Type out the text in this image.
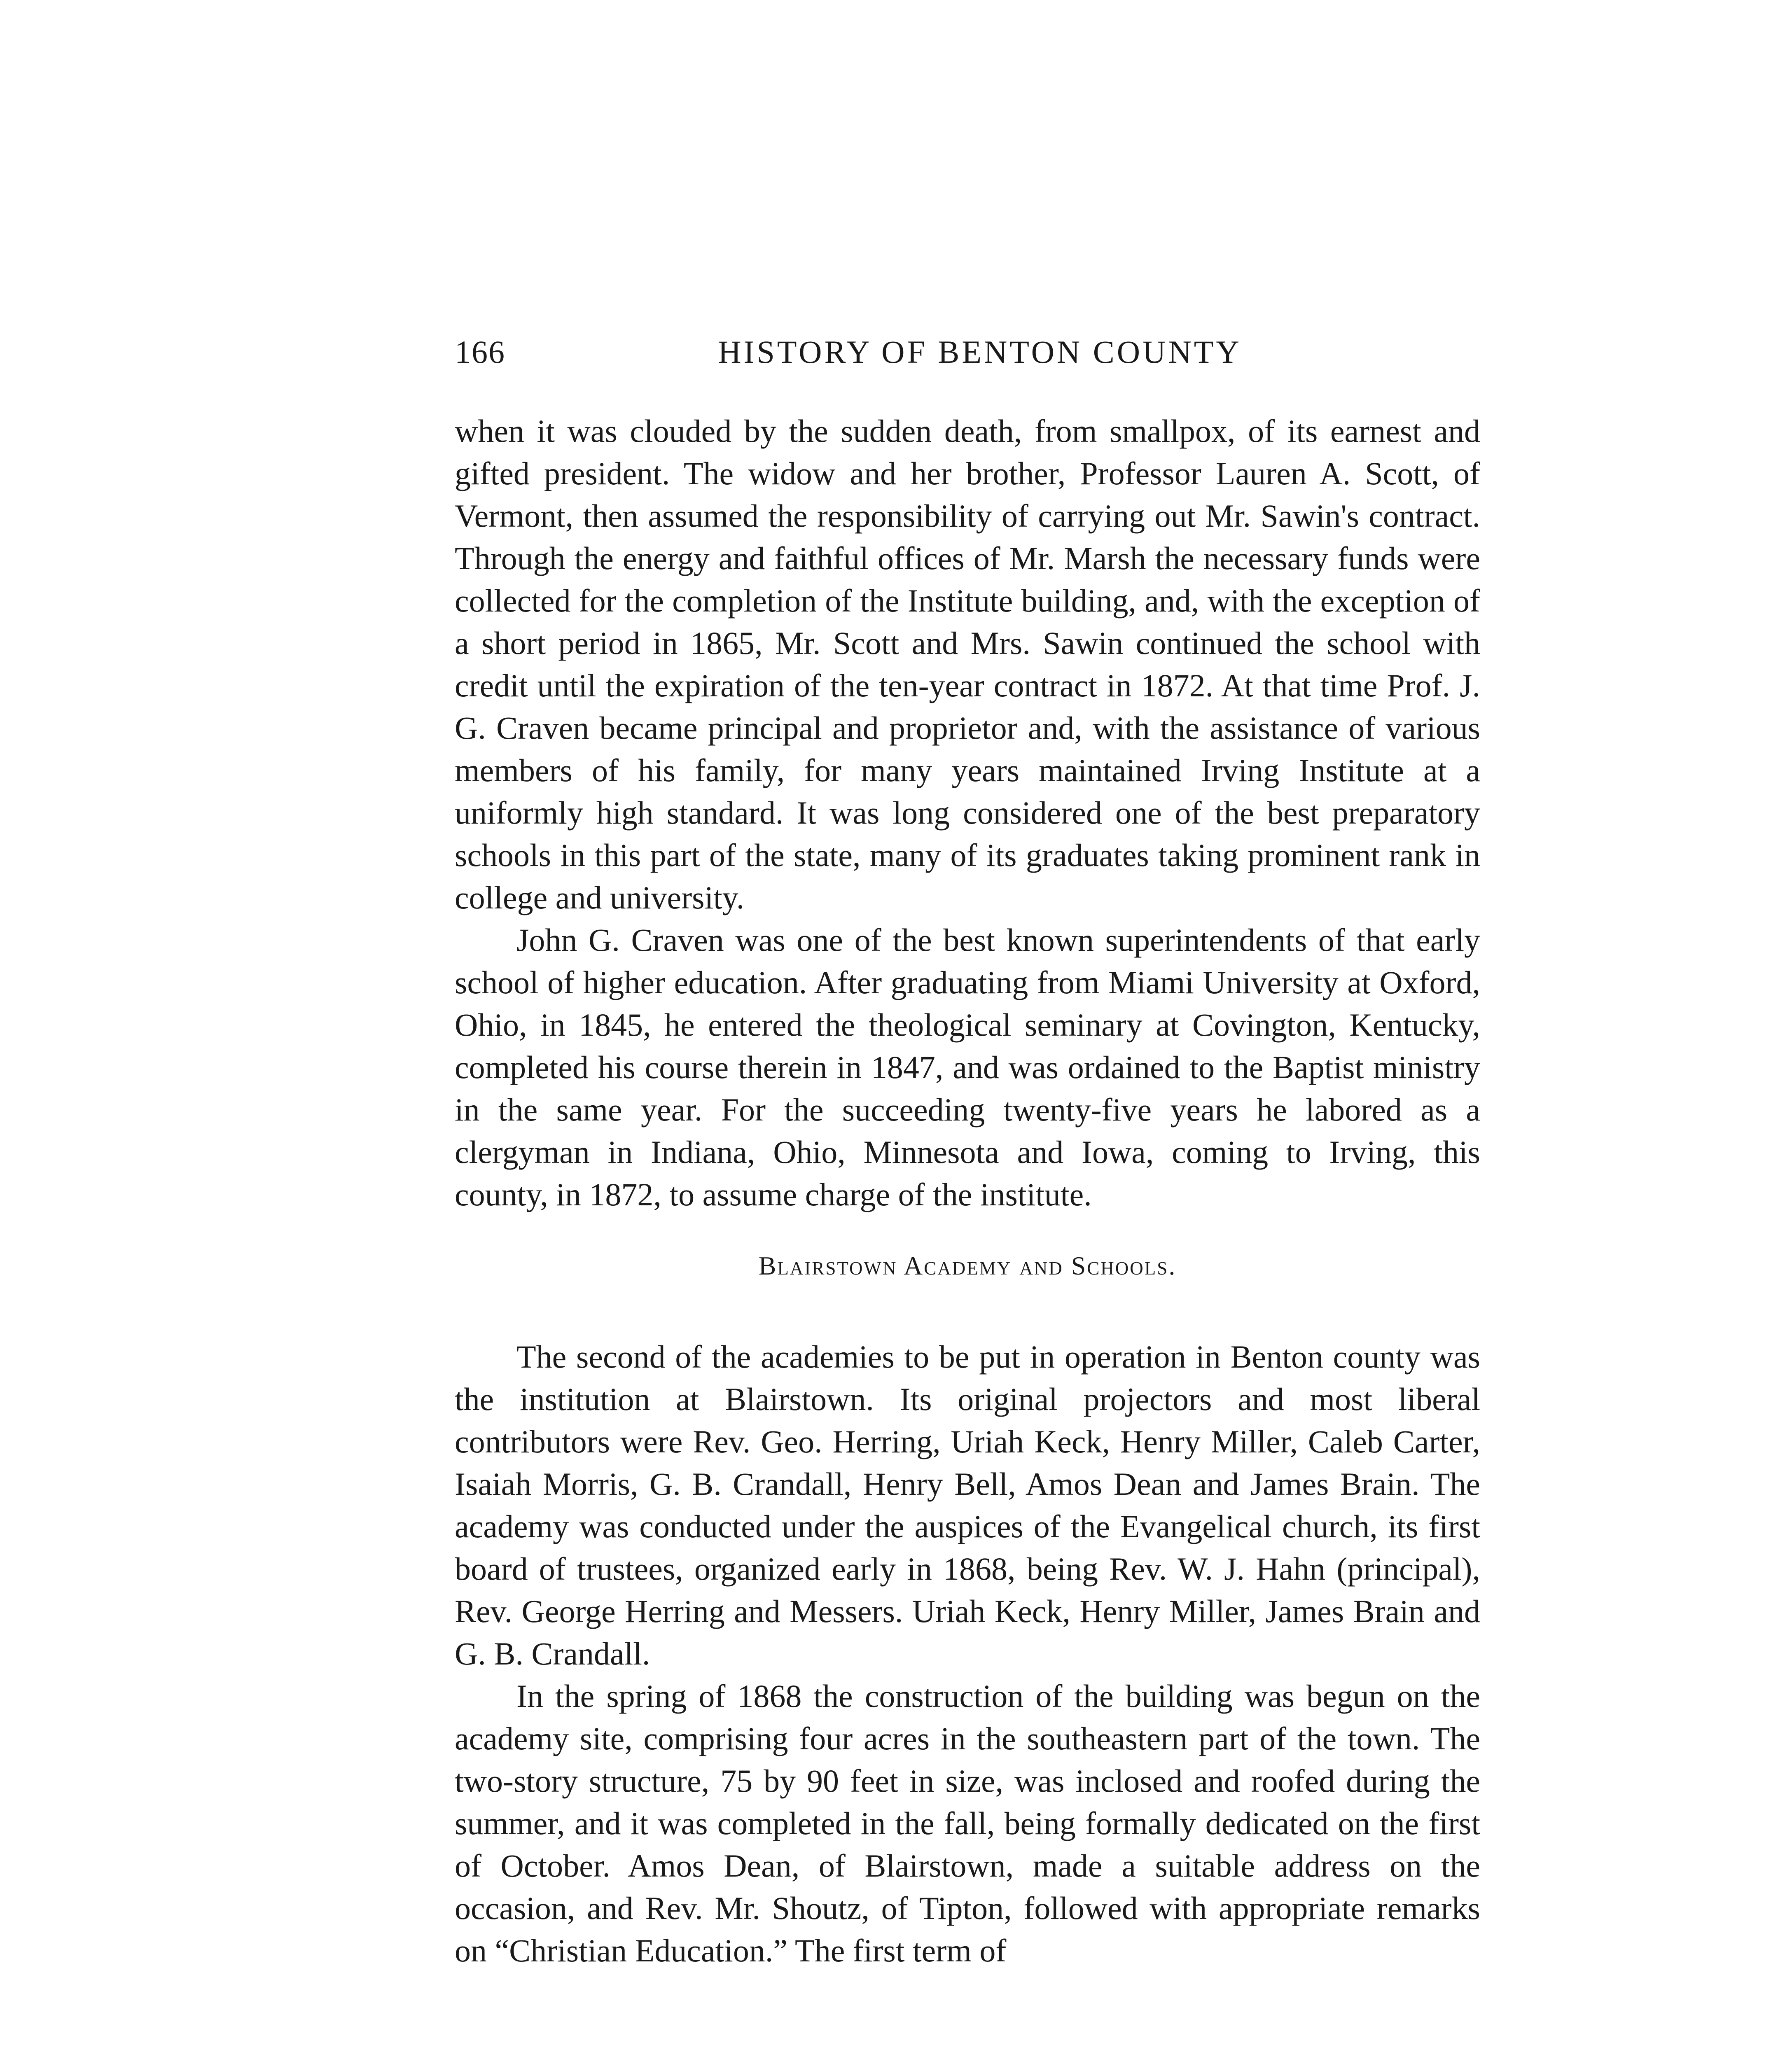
166	HISTORY OF BENTON COUNTY

when it was clouded by the sudden death, from smallpox, of its earnest and gifted president. The widow and her brother, Professor Lauren A. Scott, of Vermont, then assumed the responsibility of carrying out Mr. Sawin's contract. Through the energy and faithful offices of Mr. Marsh the necessary funds were collected for the completion of the Institute building, and, with the exception of a short period in 1865, Mr. Scott and Mrs. Sawin continued the school with credit until the expiration of the ten-year contract in 1872. At that time Prof. J. G. Craven became principal and proprietor and, with the assistance of various members of his family, for many years maintained Irving Institute at a uniformly high standard. It was long considered one of the best preparatory schools in this part of the state, many of its graduates taking prominent rank in college and university.

John G. Craven was one of the best known superintendents of that early school of higher education. After graduating from Miami University at Oxford, Ohio, in 1845, he entered the theological seminary at Covington, Kentucky, completed his course therein in 1847, and was ordained to the Baptist ministry in the same year. For the succeeding twenty-five years he labored as a clergyman in Indiana, Ohio, Minnesota and Iowa, coming to Irving, this county, in 1872, to assume charge of the institute.

Blairstown Academy and Schools.

The second of the academies to be put in operation in Benton county was the institution at Blairstown. Its original projectors and most liberal contributors were Rev. Geo. Herring, Uriah Keck, Henry Miller, Caleb Carter, Isaiah Morris, G. B. Crandall, Henry Bell, Amos Dean and James Brain. The academy was conducted under the auspices of the Evangelical church, its first board of trustees, organized early in 1868, being Rev. W. J. Hahn (principal), Rev. George Herring and Messers. Uriah Keck, Henry Miller, James Brain and G. B. Crandall.

In the spring of 1868 the construction of the building was begun on the academy site, comprising four acres in the southeastern part of the town. The two-story structure, 75 by 90 feet in size, was inclosed and roofed during the summer, and it was completed in the fall, being formally dedicated on the first of October. Amos Dean, of Blairstown, made a suitable address on the occasion, and Rev. Mr. Shoutz, of Tipton, followed with appropriate remarks on “Christian Education.” The first term of
